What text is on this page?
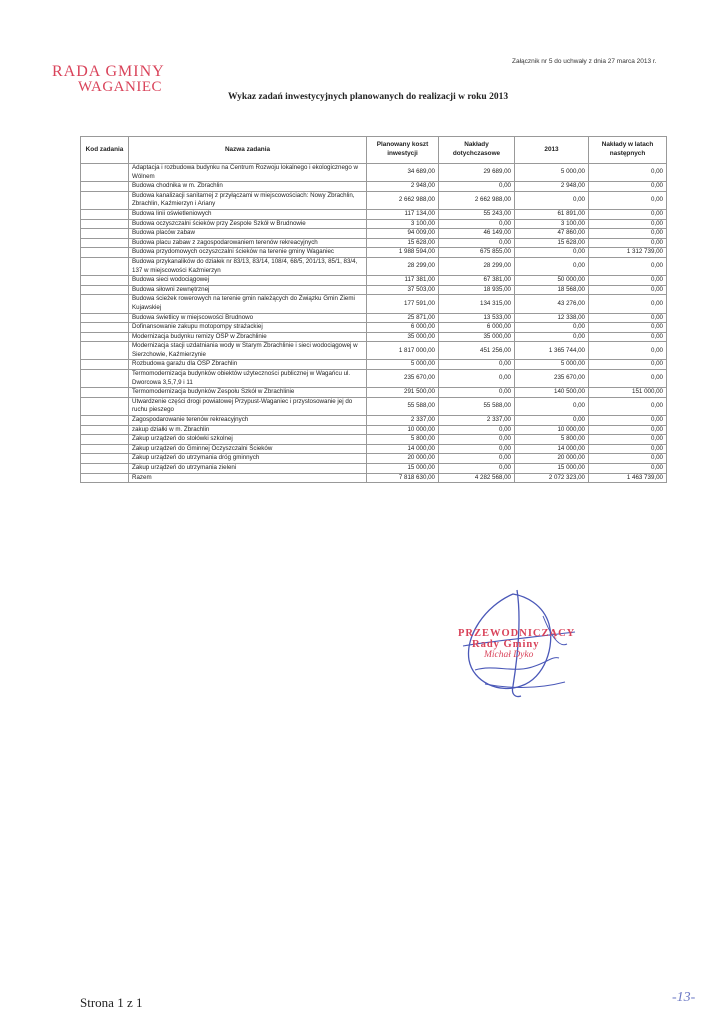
RADA GMINY
WAGANIEC
Załącznik nr 5 do uchwały z dnia 27 marca 2013 r.
Wykaz zadań inwestycyjnych planowanych do realizacji w roku 2013
Kod zadania	Nazwa zadania	Planowany koszt inwestycji	Nakłady dotychczasowe	2013	Nakłady w latach następnych
	Adaptacja i rozbudowa budynku na Centrum Rozwoju lokalnego i ekologicznego w Wólnem	34 689,00	29 689,00	5 000,00	0,00
	Budowa chodnika w m. Zbrachlin	2 948,00	0,00	2 948,00	0,00
	Budowa kanalizacji sanitarnej z przyłączami w miejscowościach: Nowy Zbrachlin, Zbrachlin, Kaźmierzyn i Ariany	2 662 988,00	2 662 988,00	0,00	0,00
	Budowa linii oświetleniowych	117 134,00	55 243,00	61 891,00	0,00
	Budowa oczyszczalni ścieków przy Zespole Szkół w Brudnowie	3 100,00	0,00	3 100,00	0,00
	Budowa placów zabaw	94 009,00	46 149,00	47 860,00	0,00
	Budowa placu zabaw z zagospodarowaniem terenów rekreacyjnych	15 628,00	0,00	15 628,00	0,00
	Budowa przydomowych oczyszczalni ścieków na terenie gminy Waganiec	1 988 594,00	675 855,00	0,00	1 312 739,00
	Budowa przykanalików do działek nr 83/13, 83/14, 108/4, 68/5, 201/13, 85/1, 83/4, 137 w miejscowości Kaźmierzyn	28 299,00	28 299,00	0,00	0,00
	Budowa sieci wodociągowej	117 381,00	67 381,00	50 000,00	0,00
	Budowa siłowni zewnętrznej	37 503,00	18 935,00	18 568,00	0,00
	Budowa ścieżek rowerowych na terenie gmin należących do Związku Gmin Ziemi Kujawskiej	177 591,00	134 315,00	43 276,00	0,00
	Budowa świetlicy w miejscowości Brudnowo	25 871,00	13 533,00	12 338,00	0,00
	Dofinansowanie zakupu motopompy strażackiej	6 000,00	6 000,00	0,00	0,00
	Modernizacja budynku remizy OSP w Zbrachlinie	35 000,00	35 000,00	0,00	0,00
	Modernizacja stacji uzdatniania wody w Starym Zbrachlinie i sieci wodociągowej w Sierzchowie, Kaźmierzynie	1 817 000,00	451 256,00	1 365 744,00	0,00
	Rozbudowa garażu dla OSP Zbrachlin	5 000,00	0,00	5 000,00	0,00
	Termomodernizacja budynków obiektów użyteczności publicznej w Wagańcu ul. Dworcowa 3,5,7,9 i 11	235 670,00	0,00	235 670,00	0,00
	Termomodernizacja budynków Zespołu Szkół w Zbrachlinie	291 500,00	0,00	140 500,00	151 000,00
	Utwardzenie części drogi powiatowej Przypust-Waganiec i przystosowanie jej do ruchu pieszego	55 588,00	55 588,00	0,00	0,00
	Zagospodarowanie terenów rekreacyjnych	2 337,00	2 337,00	0,00	0,00
	zakup działki w m. Zbrachlin	10 000,00	0,00	10 000,00	0,00
	Zakup urządzeń do stołówki szkolnej	5 800,00	0,00	5 800,00	0,00
	Zakup urządzeń do Gminnej Oczyszczalni Ścieków	14 000,00	0,00	14 000,00	0,00
	Zakup urządzeń do utrzymania dróg gminnych	20 000,00	0,00	20 000,00	0,00
	Zakup urządzeń do utrzymania zieleni	15 000,00	0,00	15 000,00	0,00
	Razem	7 818 630,00	4 282 568,00	2 072 323,00	1 463 739,00
PRZEWODNICZĄCY
Rady Gminy
Michał Dyko
Strona 1 z 1	-13-
